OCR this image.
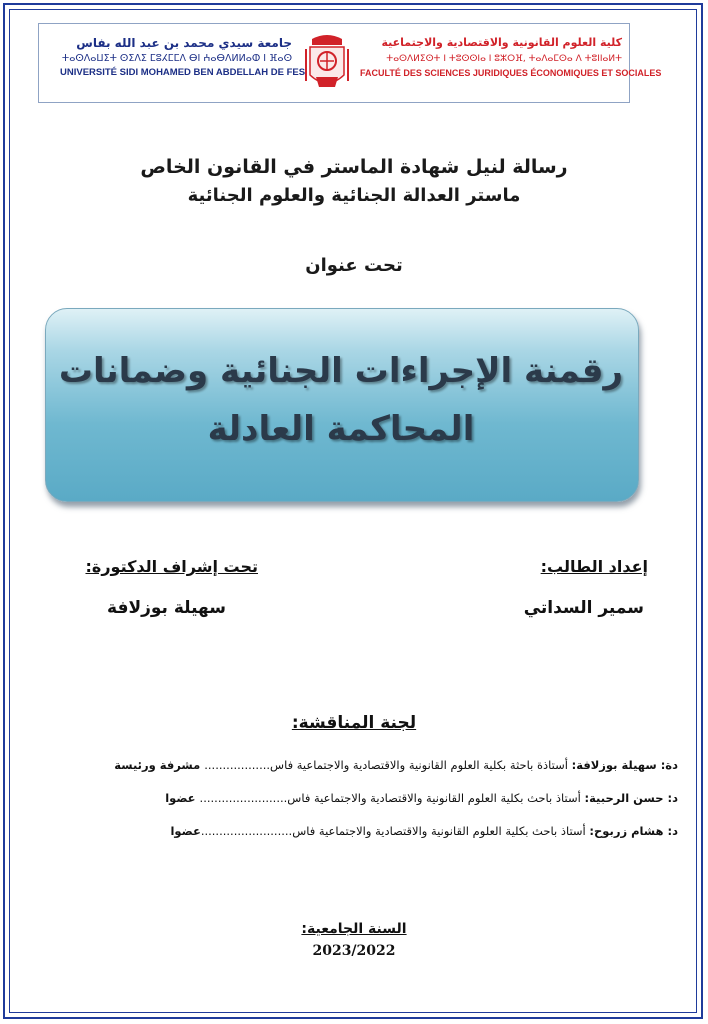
جامعة سيدي محمد بن عبد الله بفاس
ⵜⴰⵙⴷⴰⵡⵉⵜ ⵙⵉⴷⵉ ⵎⵓⵃⵎⵎⴷ ⴱⵏ ⵄⴰⴱⴷⵍⵍⴰⵀ ⵏ ⴼⴰⵙ
UNIVERSITÉ SIDI MOHAMED BEN ABDELLAH DE FES
كلية العلوم القانونية والاقتصادية والاجتماعية
ⵜⴰⵙⴷⵍⵉⵙⵜ ⵏ ⵜⵓⵙⵙⵏⴰ ⵏ ⵓⵣⵔⴼ, ⵜⴰⴷⴰⵎⵙⴰ ⴷ ⵜⵓⵏⵏⴰⵍⵜ
FACULTÉ DES SCIENCES JURIDIQUES ÉCONOMIQUES ET SOCIALES
رسالة لنيل شهادة الماستر في القانون الخاص
ماستر العدالة الجنائية والعلوم الجنائية
تحت عنوان
رقمنة الإجراءات الجنائية وضمانات
المحاكمة العادلة
إعداد الطالب:
تحت إشراف الدكتورة:
سمير السداتي
سهيلة بوزلافة
لجنة المناقشة:
دة: سهيلة بوزلافة: أستاذة باحثة بكلية العلوم القانونية والاقتصادية والاجتماعية فاس.................. مشرفة ورئيسة
د: حسن الرحبية: أستاذ باحث بكلية العلوم القانونية والاقتصادية والاجتماعية فاس........................ عضوا
د: هشام زربوح: أستاذ باحث بكلية العلوم القانونية والاقتصادية والاجتماعية فاس.........................عضوا
السنة الجامعية:
2023/2022
